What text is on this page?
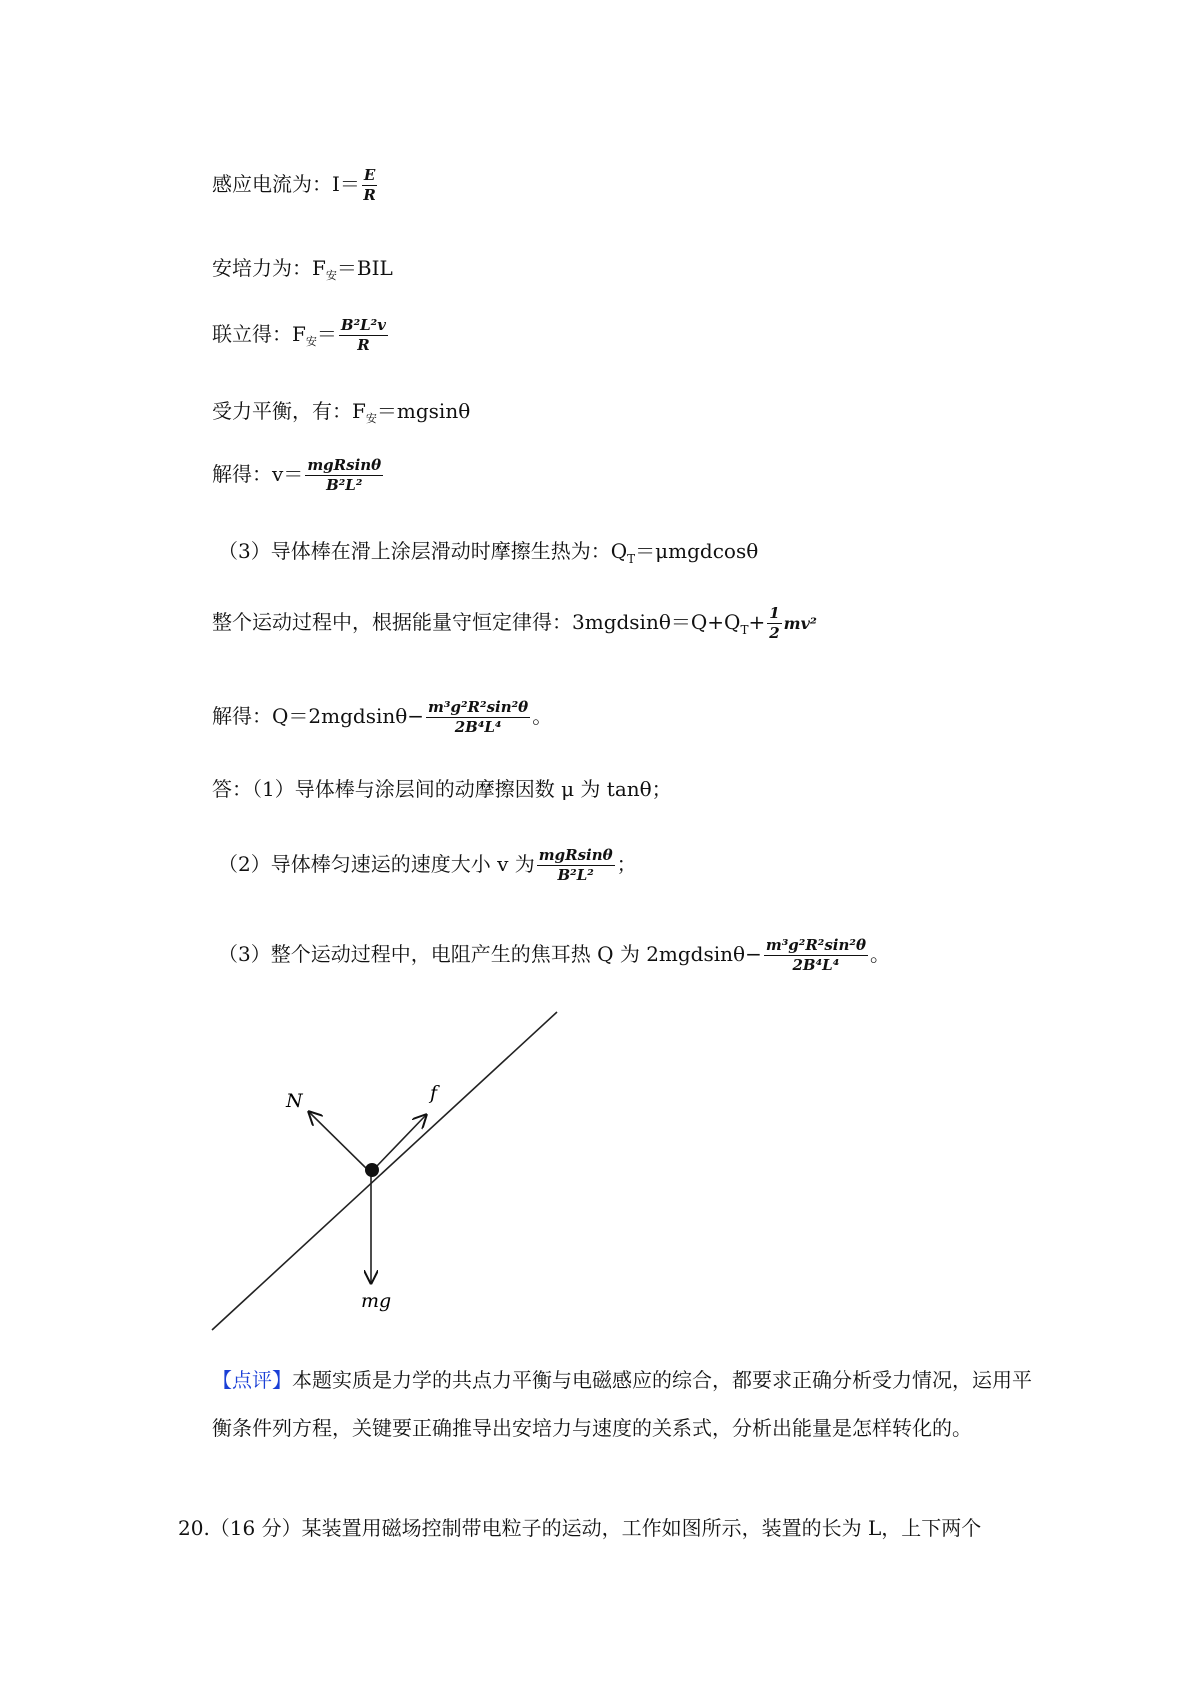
感应电流为：$I= \frac{E}{R}$
安培力为：$F_安=BIL$
联立得：$F_安= \frac{\text{B²L²v}}{R}$
受力平衡，有：$F_安=mgsin\theta$
解得：$v= \frac{\text{mgRsinθ}}{\text{B²L²}}$
（3）导体棒在滑上涂层滑动时摩擦生热为：$Q_T=\mu mgdcos\theta$
整个运动过程中，根据能量守恒定律得：$3mgdsin\theta=Q+Q_T+ \frac{1}{2} mv^2$
解得：$Q=2mgdsin\theta- \frac{\text{m³g²R²sin²θ}}{\text{2B⁴L⁴}}$ 。
答：（1）导体棒与涂层间的动摩擦因数 μ 为 tanθ；
（2）导体棒匀速运的速度大小 v 为 $\frac{\text{mgRsinθ}}{\text{B²L²}}$ ；
（3）整个运动过程中，电阻产生的焦耳热 Q 为 $2mgdsin\theta- \frac{\text{m³g²R²sin²θ}}{\text{2B⁴L⁴}}$ 。
N	f
mg
【点评】本题实质是力学的共点力平衡与电磁感应的综合，都要求正确分析受力情况，运用平衡条件列方程，关键要正确推导出安培力与速度的关系式，分析出能量是怎样转化的。
20.（16 分）某装置用磁场控制带电粒子的运动，工作如图所示，装置的长为 L，上下两个
